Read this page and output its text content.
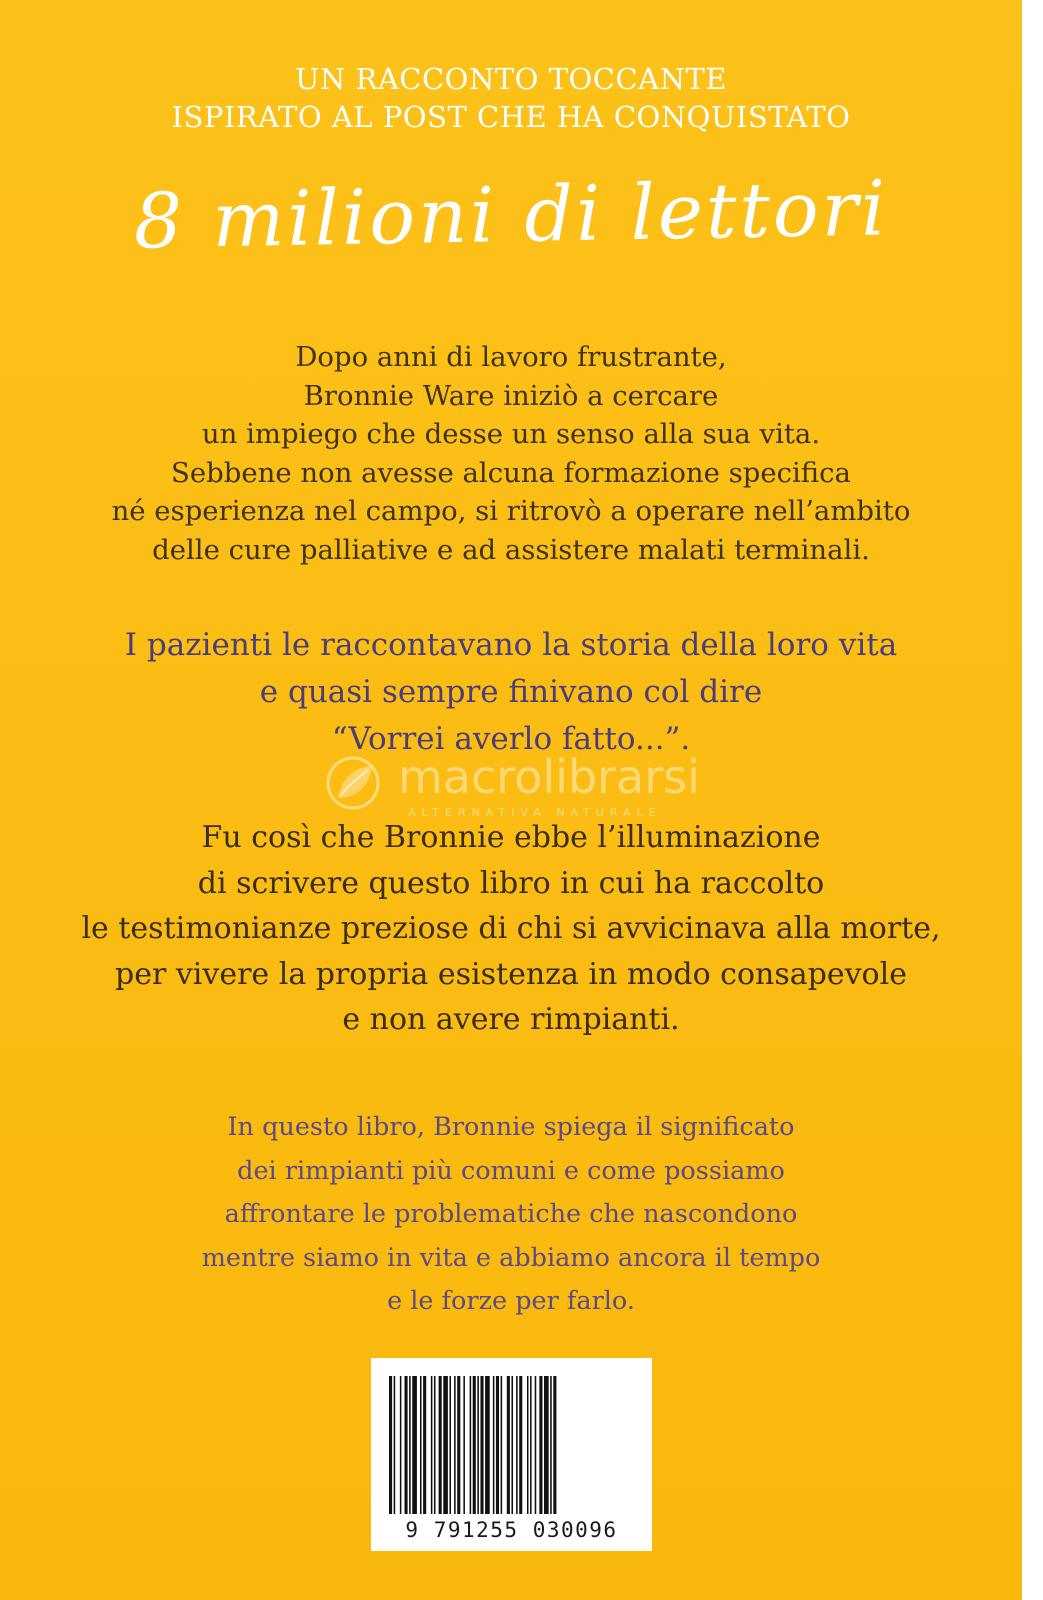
UN RACCONTO TOCCANTE
ISPIRATO AL POST CHE HA CONQUISTATO
8 milioni di lettori
Dopo anni di lavoro frustrante,
Bronnie Ware iniziò a cercare
un impiego che desse un senso alla sua vita.
Sebbene non avesse alcuna formazione specifica
né esperienza nel campo, si ritrovò a operare nell’ambito
delle cure palliative e ad assistere malati terminali.
I pazienti le raccontavano la storia della loro vita
e quasi sempre finivano col dire
“Vorrei averlo fatto...”.
macrolibrarsi
ALTERNATIVA NATURALE
Fu così che Bronnie ebbe l’illuminazione
di scrivere questo libro in cui ha raccolto
le testimonianze preziose di chi si avvicinava alla morte,
per vivere la propria esistenza in modo consapevole
e non avere rimpianti.
In questo libro, Bronnie spiega il significato
dei rimpianti più comuni e come possiamo
affrontare le problematiche che nascondono
mentre siamo in vita e abbiamo ancora il tempo
e le forze per farlo.
9 791255 030096
